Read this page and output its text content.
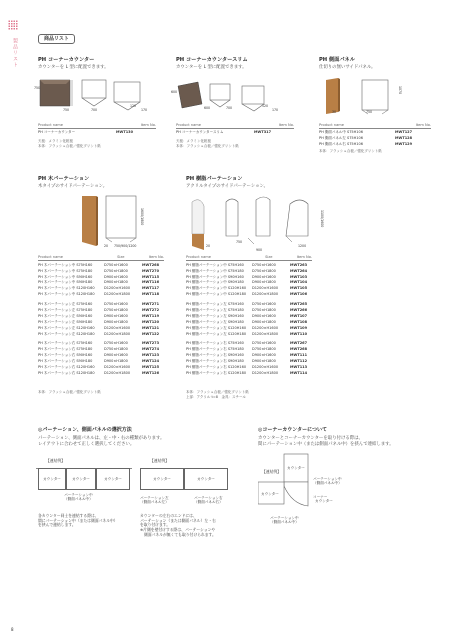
製品リスト	商品リスト
PH コーナーカウンター
カウンターを L 型に配置できます。
750
750	700
120
170
Product name	Item No.
PH コーナーカウンター	MWT130
天板：メラミン化粧板
本体：フラッシュ合板／強化プリント紙
PH コーナーカウンタースリム
カウンターを L 型に配置できます。
600
600	700	120
170
Product name	Item No.
PH コーナーカウンタースリム	MWT317
天板：メラミン化粧板
本体：フラッシュ合板／強化プリント紙
PH 側面パネル
仕切りの無いサイドパネル。
1070
30	750
Product name	Item No.
PH 側面パネル中 S75H106	MWT127
PH 側面パネル左 S75H106	MWT128
PH 側面パネル右 S75H106	MWT129
本体：フラッシュ合板／強化プリント紙
PH 木パーテーション
木タイプのサイドパーテーション。
1600/1800
20 750/900/1200
Product name	Size	Item No.
PH 木パーテーション中 S75H160	D750×H1600	MWT268
PH 木パーテーション中 S75H180	D750×H1800	MWT270
PH 木パーテーション中 S90H160	D900×H1600	MWT115
PH 木パーテーション中 S90H180	D900×H1800	MWT116
PH 木パーテーション中 S120H160	D1200×H1600	MWT117
PH 木パーテーション中 S120H180	D1200×H1800	MWT118
PH 木パーテーション左 S75H160	D750×H1600	MWT271
PH 木パーテーション左 S75H180	D750×H1800	MWT272
PH 木パーテーション左 S90H160	D900×H1600	MWT119
PH 木パーテーション左 S90H180	D900×H1800	MWT120
PH 木パーテーション左 S120H160	D1200×H1600	MWT121
PH 木パーテーション左 S120H180	D1200×H1800	MWT122
PH 木パーテーション右 S75H160	D750×H1600	MWT273
PH 木パーテーション右 S75H180	D750×H1800	MWT274
PH 木パーテーション右 S90H160	D900×H1600	MWT123
PH 木パーテーション右 S90H180	D900×H1800	MWT124
PH 木パーテーション右 S120H160	D1200×H1600	MWT125
PH 木パーテーション右 S120H180	D1200×H1800	MWT126
本体：フラッシュ合板／強化プリント紙
PH 樹脂パーテーション
アクリルタイプのサイドパーテーション。
1100/1600
20
750
900
1200
Product name	Size	Item No.
PH 樹脂パーテーション中 S75H160	D750×H1600	MWT263
PH 樹脂パーテーション中 S75H180	D750×H1800	MWT264
PH 樹脂パーテーション中 S90H160	D900×H1600	MWT103
PH 樹脂パーテーション中 S90H180	D900×H1800	MWT104
PH 樹脂パーテーション中 S120H160	D1200×H1600	MWT105
PH 樹脂パーテーション中 S120H180	D1200×H1800	MWT106
PH 樹脂パーテーション左 S75H160	D750×H1600	MWT265
PH 樹脂パーテーション左 S75H180	D750×H1800	MWT266
PH 樹脂パーテーション左 S90H160	D900×H1600	MWT107
PH 樹脂パーテーション左 S90H180	D900×H1800	MWT108
PH 樹脂パーテーション左 S120H160	D1200×H1600	MWT109
PH 樹脂パーテーション左 S120H180	D1200×H1800	MWT110
PH 樹脂パーテーション右 S75H160	D750×H1600	MWT267
PH 樹脂パーテーション右 S75H180	D750×H1800	MWT268
PH 樹脂パーテーション右 S90H160	D900×H1600	MWT111
PH 樹脂パーテーション右 S90H180	D900×H1800	MWT112
PH 樹脂パーテーション右 S120H160	D1200×H1600	MWT113
PH 樹脂パーテーション右 S120H180	D1200×H1800	MWT114
本体：フラッシュ合板／強化プリント紙
上部：アクリル t=8　金具：スチール
◎パーテーション、側面パネルの選択方法
パーテーション、側面パネルは、左・中・右の種類があります。
レイアウトに合わせて正しく選択してください。
【連結例】
カウンター	カウンター	カウンター
パーテーション中
（側面パネル中）
【連結例】
カウンター	カウンター
パーテーション左
（側面パネル左）
パーテーション右
（側面パネル右）
各カウンター同士を連結する際は、
間にパーテーション中（または側面パネル中）
を挟んで連結します。
カウンターの左右のエンドには、
パーテーション（または側面パネル）左・右
を取り付けます。
※片側を壁付けする際は、パーテーションや
側面パネルが無くても取り付けられます。
◎コーナーカウンターについて
カウンターとコーナーカウンターを取り付ける際は、
間にパーテーション中（または側面パネル中）を挟んで連結します。
【連結例】
カウンター
カウンター
パーテーション中
（側面パネル中）
コーナー
カウンター
パーテーション中
（側面パネル中）
8
